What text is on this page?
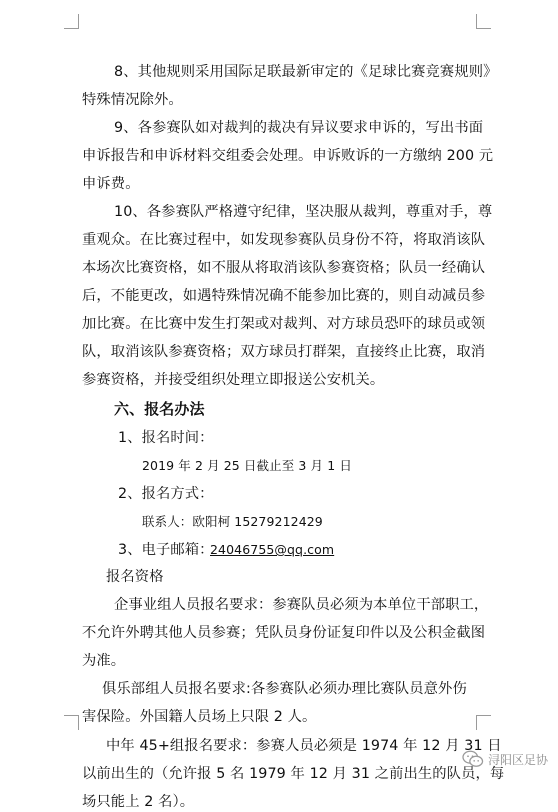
8、其他规则采用国际足联最新审定的《足球比赛竞赛规则》
特殊情况除外。
9、各参赛队如对裁判的裁决有异议要求申诉的，写出书面
申诉报告和申诉材料交组委会处理。申诉败诉的一方缴纳 200 元
申诉费。
10、各参赛队严格遵守纪律，坚决服从裁判，尊重对手，尊
重观众。在比赛过程中，如发现参赛队员身份不符，将取消该队
本场次比赛资格，如不服从将取消该队参赛资格；队员一经确认
后，不能更改，如遇特殊情况确不能参加比赛的，则自动减员参
加比赛。在比赛中发生打架或对裁判、对方球员恐吓的球员或领
队，取消该队参赛资格；双方球员打群架，直接终止比赛，取消
参赛资格，并接受组织处理立即报送公安机关。
六、报名办法
1、报名时间：
2019 年 2 月 25 日截止至 3 月 1 日
2、报名方式：
联系人：欧阳柯 15279212429
3、电子邮箱：
24046755@qq.com
报名资格
企事业组人员报名要求：参赛队员必须为本单位干部职工，
不允许外聘其他人员参赛；凭队员身份证复印件以及公积金截图
为准。
俱乐部组人员报名要求:各参赛队必须办理比赛队员意外伤
害保险。外国籍人员场上只限 2 人。
中年 45+组报名要求：参赛人员必须是 1974 年 12 月 31 日
以前出生的（允许报 5 名 1979 年 12 月 31 之前出生的队员，每
场只能上 2 名）。
浔阳区足协
